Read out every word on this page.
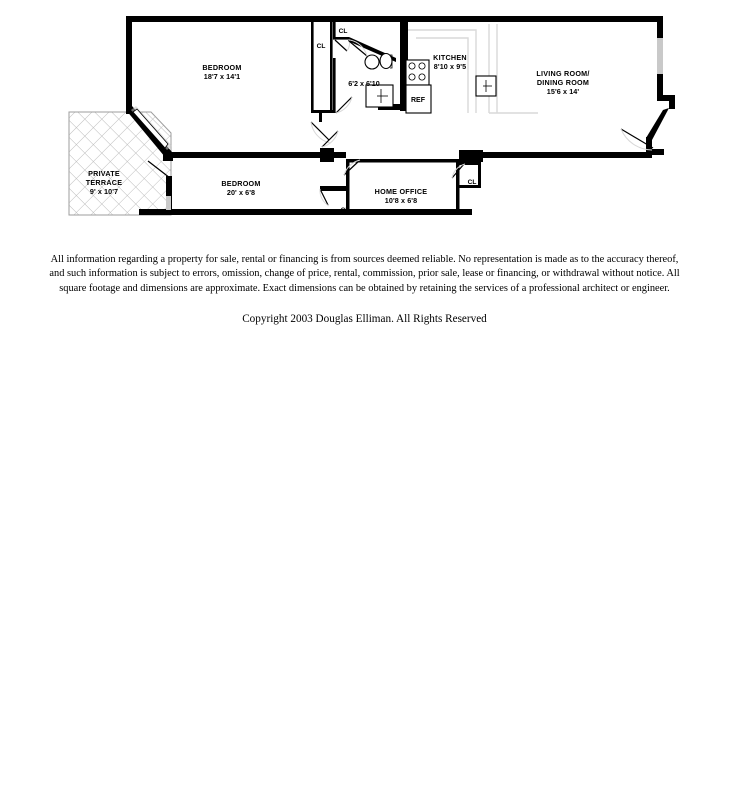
BEDROOM
18'7 x 14'1
6'2 x 6'10
KITCHEN
8'10 x 9'5
LIVING ROOM/
DINING ROOM
15'6 x 14'
PRIVATE
TERRACE
9' x 10'7
BEDROOM
20' x 6'8	HOME OFFICE
10'8 x 6'8
CL
CL
CL
CL
REF

All information regarding a property for sale, rental or financing is from sources deemed reliable. No representation is made as to the accuracy thereof, and such information is subject to errors, omission, change of price, rental, commission, prior sale, lease or financing, or withdrawal without notice. All square footage and dimensions are approximate. Exact dimensions can be obtained by retaining the services of a professional architect or engineer.

Copyright 2003 Douglas Elliman. All Rights Reserved
